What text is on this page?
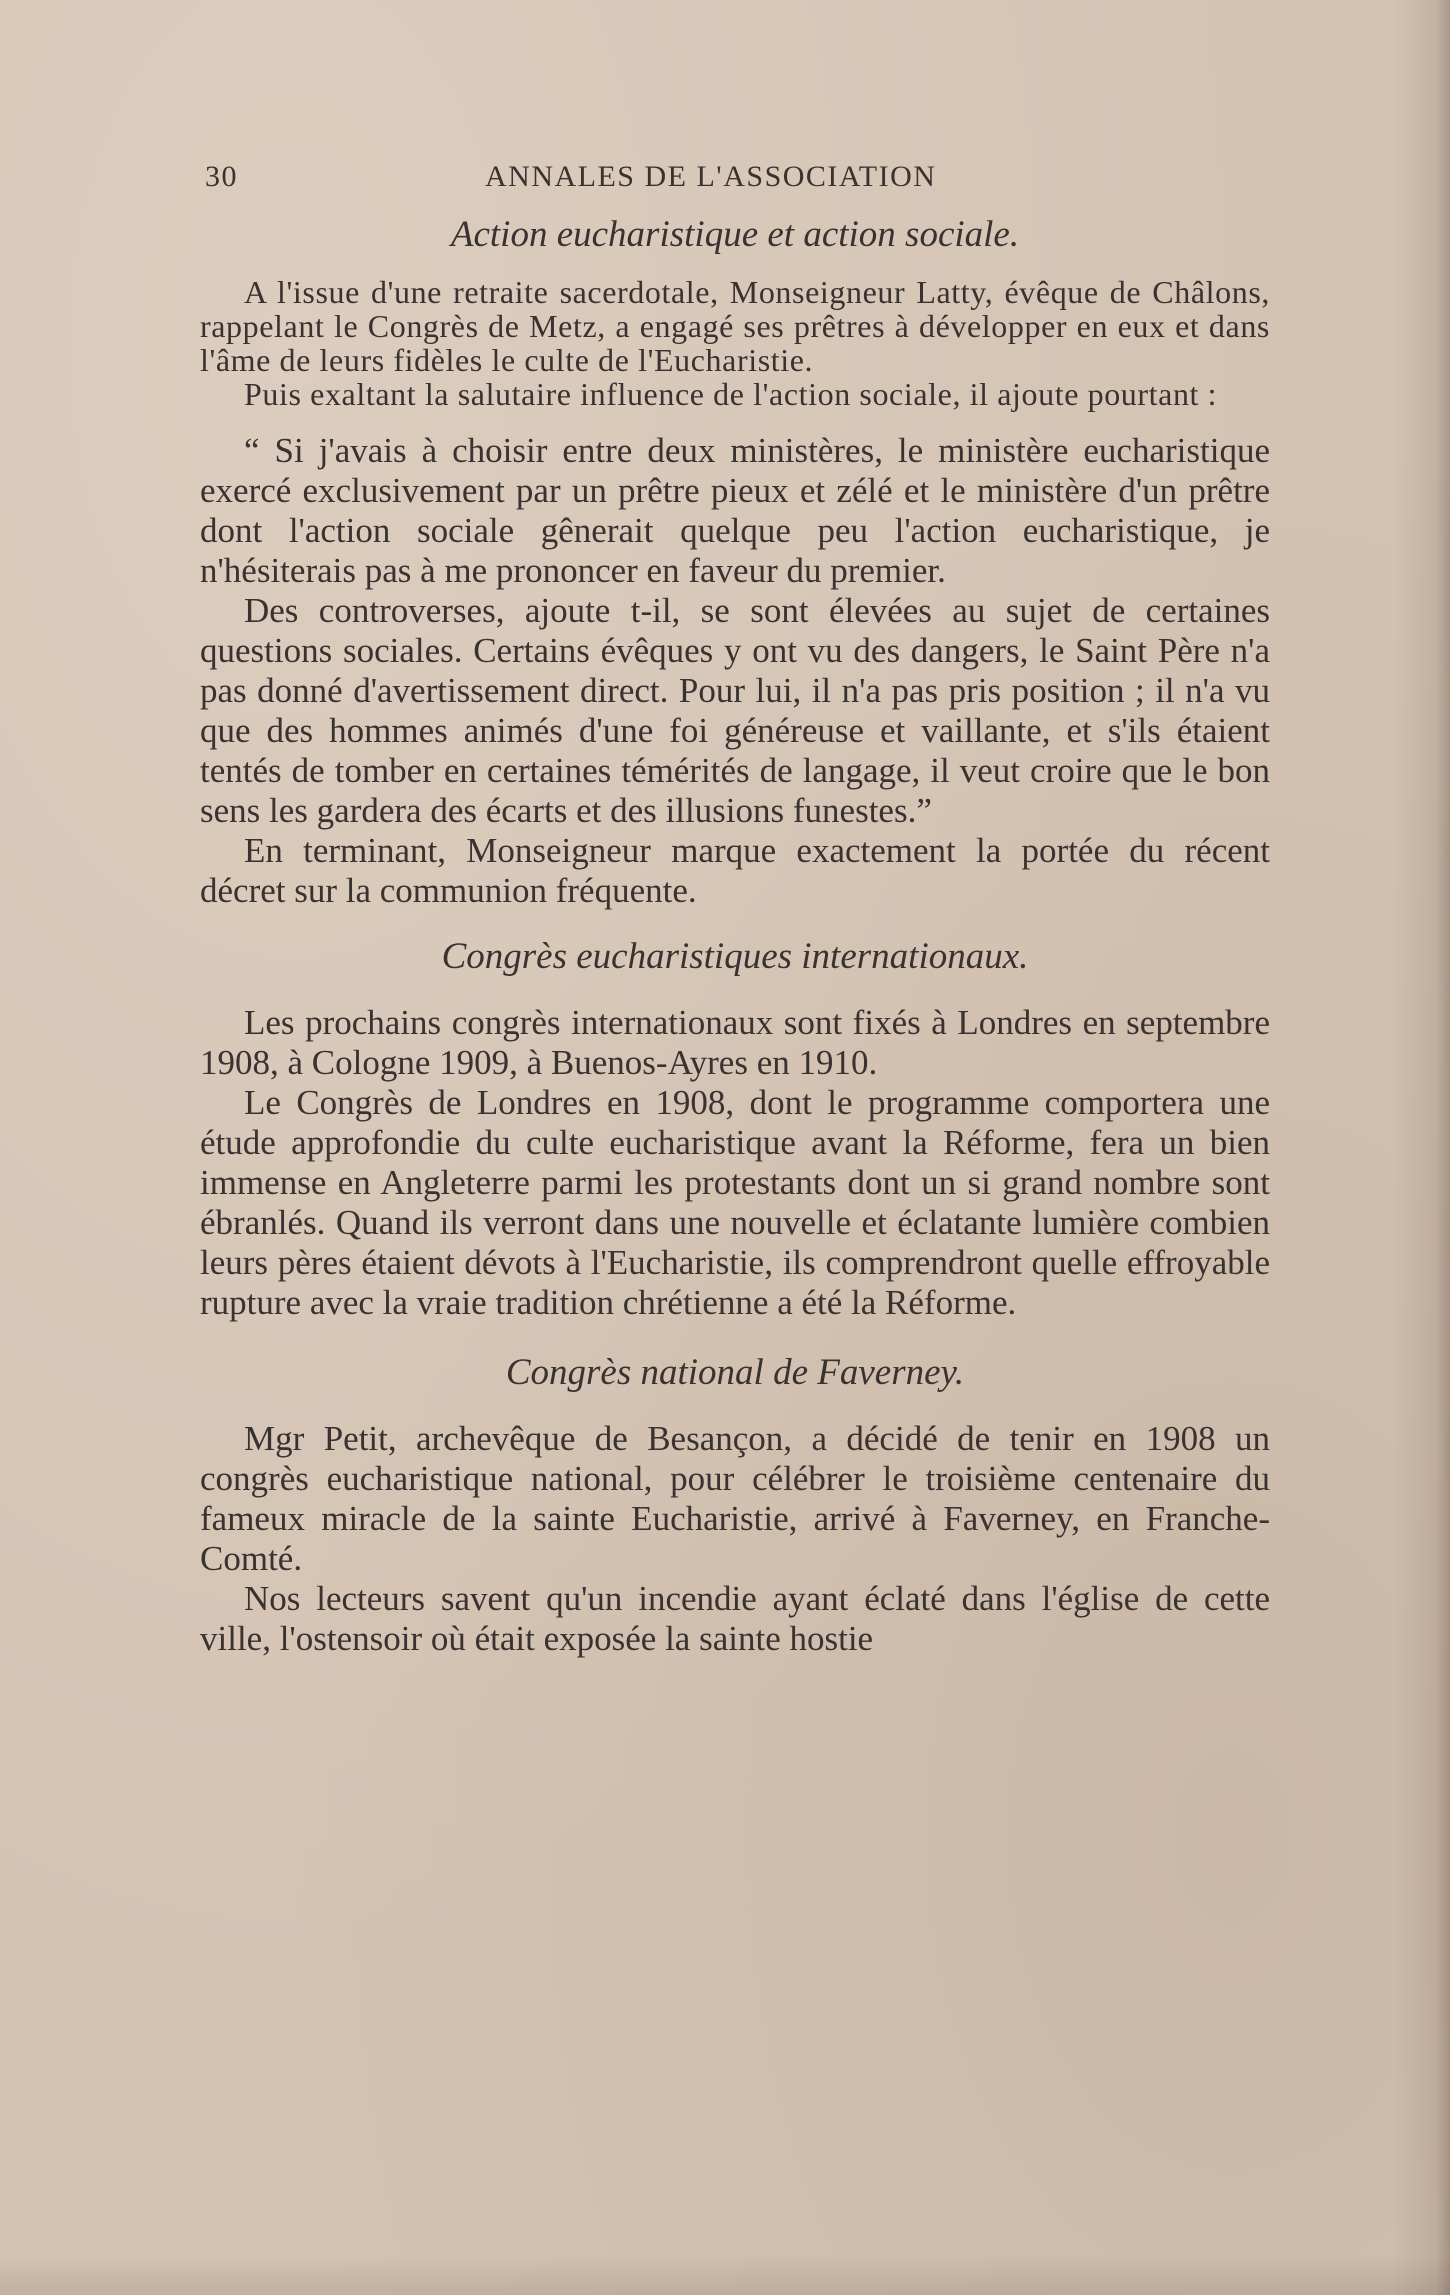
30	ANNALES DE L'ASSOCIATION
Action eucharistique et action sociale.

A l'issue d'une retraite sacerdotale, Monseigneur Latty, évêque de Châlons, rappelant le Congrès de Metz, a engagé ses prêtres à développer en eux et dans l'âme de leurs fidèles le culte de l'Eucharistie.

Puis exaltant la salutaire influence de l'action sociale, il ajoute pourtant :

“ Si j'avais à choisir entre deux ministères, le ministère eucharistique exercé exclusivement par un prêtre pieux et zélé et le ministère d'un prêtre dont l'action sociale gênerait quelque peu l'action eucharistique, je n'hésiterais pas à me prononcer en faveur du premier.

Des controverses, ajoute t-il, se sont élevées au sujet de certaines questions sociales. Certains évêques y ont vu des dangers, le Saint Père n'a pas donné d'avertissement direct. Pour lui, il n'a pas pris position ; il n'a vu que des hommes animés d'une foi généreuse et vaillante, et s'ils étaient tentés de tomber en certaines témérités de langage, il veut croire que le bon sens les gardera des écarts et des illusions funestes.”

En terminant, Monseigneur marque exactement la portée du récent décret sur la communion fréquente.

Congrès eucharistiques internationaux.

Les prochains congrès internationaux sont fixés à Londres en septembre 1908, à Cologne 1909, à Buenos-Ayres en 1910.

Le Congrès de Londres en 1908, dont le programme comportera une étude approfondie du culte eucharistique avant la Réforme, fera un bien immense en Angleterre parmi les protestants dont un si grand nombre sont ébranlés. Quand ils verront dans une nouvelle et éclatante lumière combien leurs pères étaient dévots à l'Eucharistie, ils comprendront quelle effroyable rupture avec la vraie tradition chrétienne a été la Réforme.

Congrès national de Faverney.

Mgr Petit, archevêque de Besançon, a décidé de tenir en 1908 un congrès eucharistique national, pour célébrer le troisième centenaire du fameux miracle de la sainte Eucharistie, arrivé à Faverney, en Franche-Comté.

Nos lecteurs savent qu'un incendie ayant éclaté dans l'église de cette ville, l'ostensoir où était exposée la sainte hostie
